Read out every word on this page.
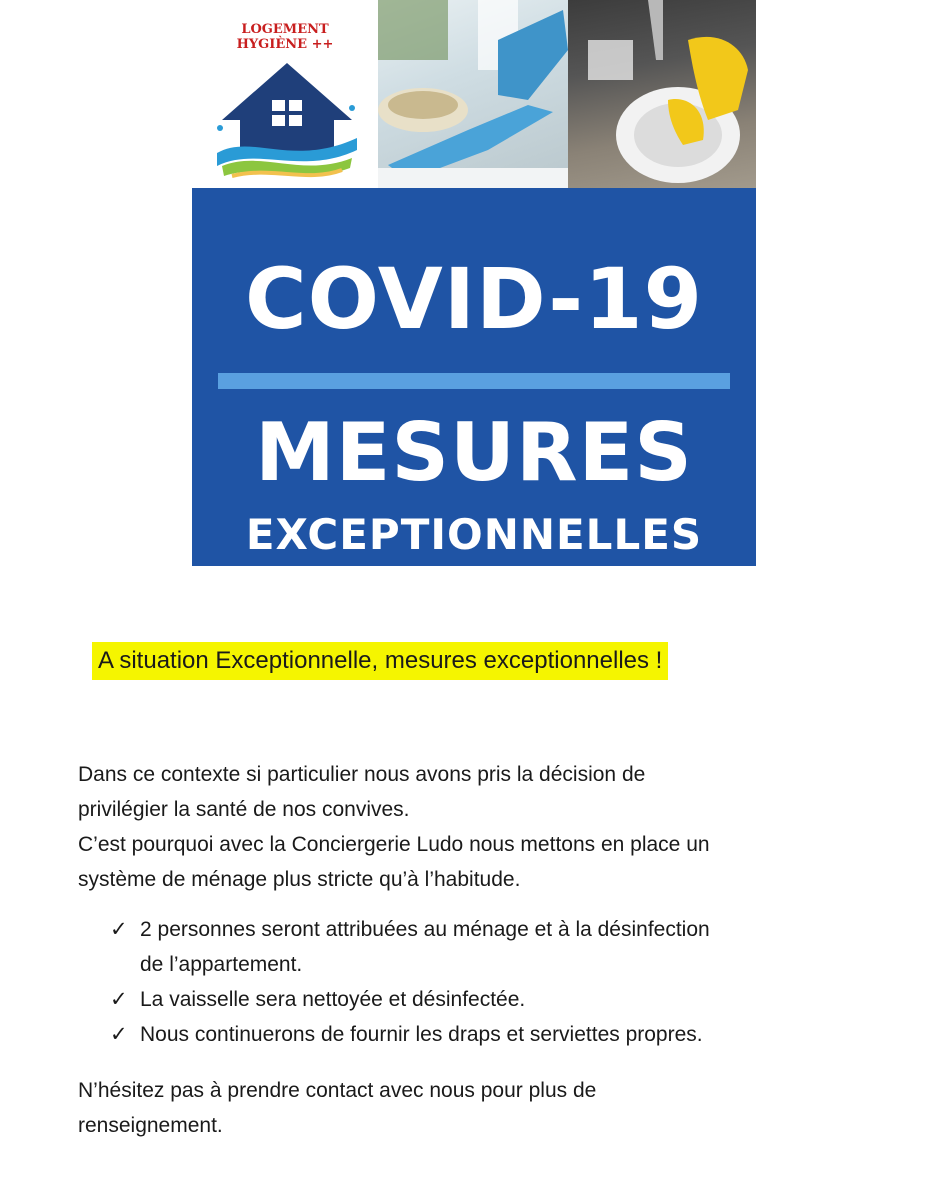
LOGEMENT
HYGIÈNE ++
COVID-19
MESURES
EXCEPTIONNELLES
A situation Exceptionnelle, mesures exceptionnelles !
Dans ce contexte si particulier nous avons pris la décision de
privilégier la santé de nos convives.
C’est pourquoi avec la Conciergerie Ludo nous mettons en place un
système de ménage plus stricte qu’à l’habitude.
✓ 2 personnes seront attribuées au ménage et à la désinfection
de l’appartement.
✓ La vaisselle sera nettoyée et désinfectée.
✓ Nous continuerons de fournir les draps et serviettes propres.
N’hésitez pas à prendre contact avec nous pour plus de
renseignement.
